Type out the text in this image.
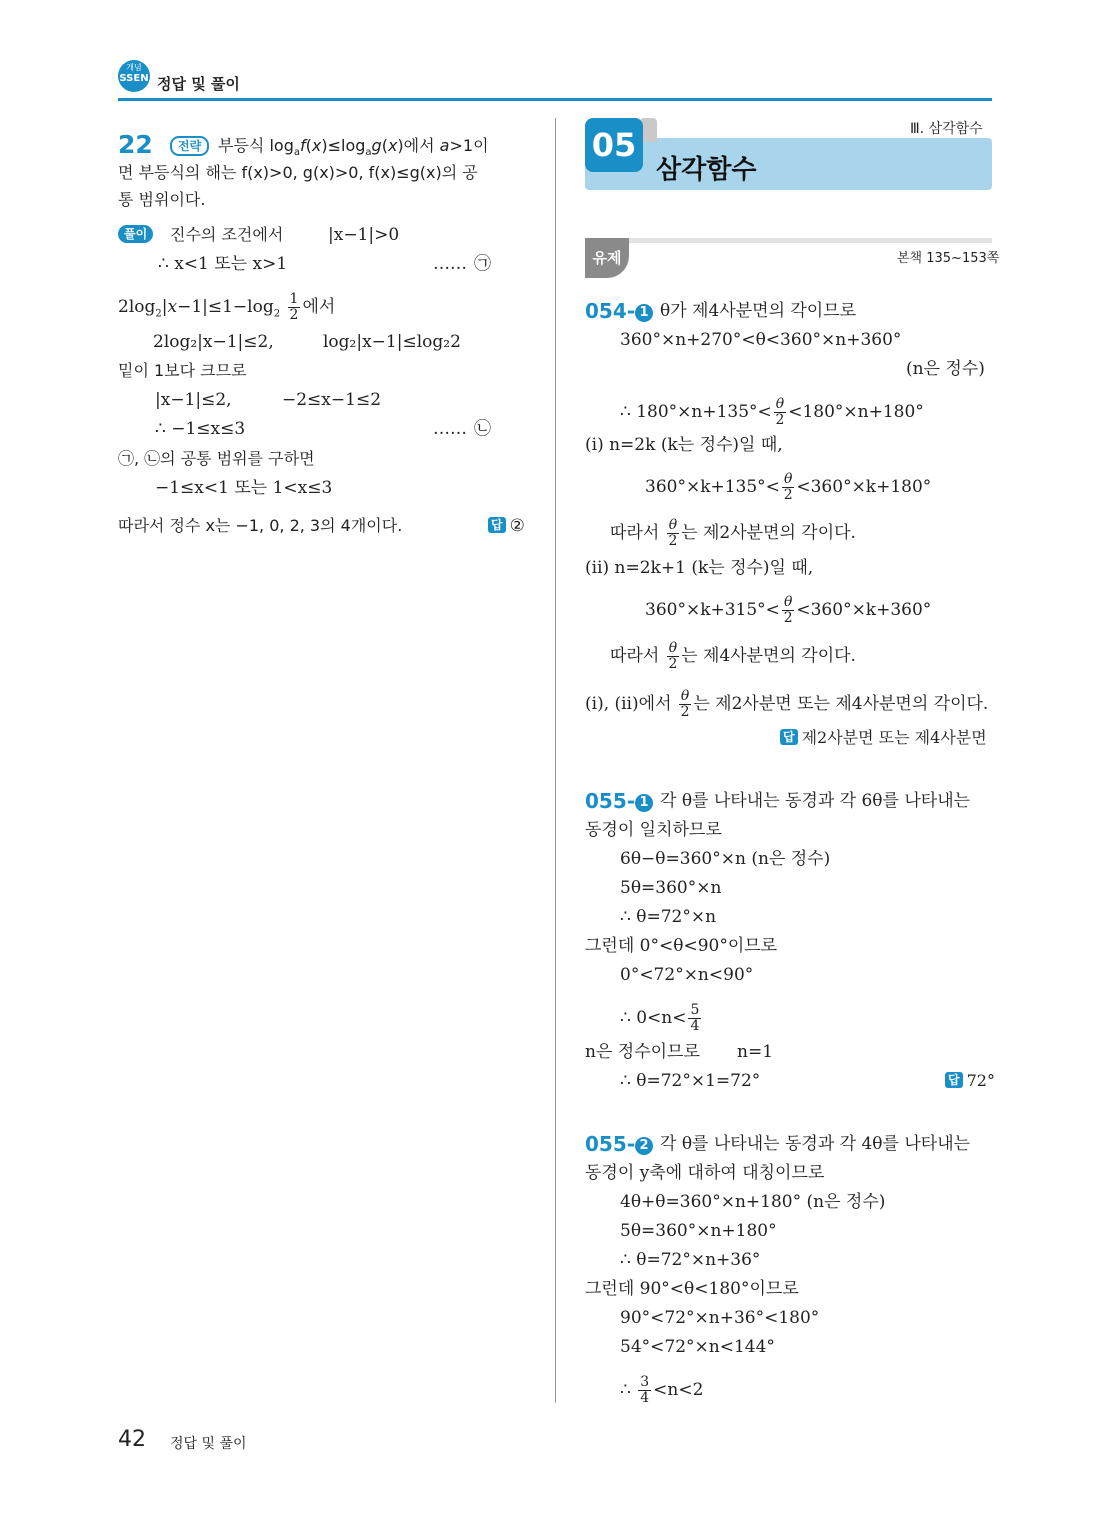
개념
SSEN 정답 및 풀이
22	전략	부등식 $\log_af(x)\le\log_ag(x)$에서 a>1이
면 부등식의 해는 f(x)>0, g(x)>0, f(x)≤g(x)의 공
통 범위이다.
풀이	진수의 조건에서	|x−1|>0
∴ x<1 또는 x>1	…… ㉠
$2\log_2|x-1|\le 1-\log_2 \frac{1}{2}$ 에서
2log₂|x−1|≤2,	log₂|x−1|≤log₂2
밑이 1보다 크므로
|x−1|≤2,	−2≤x−1≤2
∴ −1≤x≤3	…… ㉡
㉠, ㉡의 공통 범위를 구하면
−1≤x<1 또는 1<x≤3
따라서 정수 x는 −1, 0, 2, 3의 4개이다.	답 ②
Ⅲ. 삼각함수
05
삼각함수
유제	본책 135~153쪽
054- 1 θ가 제4사분면의 각이므로
360°×n+270°<θ<360°×n+360°
(n은 정수)
∴ $180^\circ\times n+135^\circ< \frac{\theta}{2} <180^\circ\times n+180^\circ$
(ⅰ) n=2k (k는 정수)일 때,
$360^\circ\times k+135^\circ< \frac{\theta}{2} <360^\circ\times k+180^\circ$
따라서 $\frac{\theta}{2}$ 는 제2사분면의 각이다.
(ⅱ) n=2k+1 (k는 정수)일 때,
$360^\circ\times k+315^\circ< \frac{\theta}{2} <360^\circ\times k+360^\circ$
따라서 $\frac{\theta}{2}$ 는 제4사분면의 각이다.
(ⅰ), (ⅱ)에서 $\frac{\theta}{2}$ 는 제2사분면 또는 제4사분면의 각이다.
답 제2사분면 또는 제4사분면
055- 1 각 θ를 나타내는 동경과 각 6θ를 나타내는
동경이 일치하므로
6θ−θ=360°×n (n은 정수)
5θ=360°×n
∴ θ=72°×n
그런데 0°<θ<90°이므로
0°<72°×n<90°
∴ $0<n< \frac{5}{4}$
n은 정수이므로 n=1
∴ θ=72°×1=72°	답 72°
055- 2 각 θ를 나타내는 동경과 각 4θ를 나타내는
동경이 y축에 대하여 대칭이므로
4θ+θ=360°×n+180° (n은 정수)
5θ=360°×n+180°
∴ θ=72°×n+36°
그런데 90°<θ<180°이므로
90°<72°×n+36°<180°
54°<72°×n<144°
∴ $\frac{3}{4} <n<2$
42 정답 및 풀이
